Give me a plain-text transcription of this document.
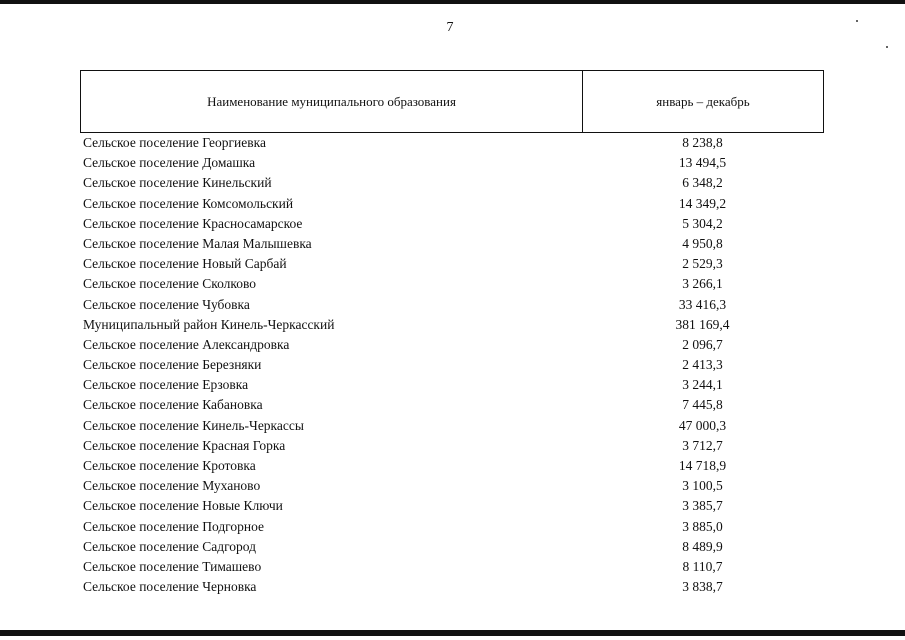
7
Наименование муниципального образования	январь – декабрь
Сельское поселение Георгиевка	8 238,8
Сельское поселение Домашка	13 494,5
Сельское поселение Кинельский	6 348,2
Сельское поселение Комсомольский	14 349,2
Сельское поселение Красносамарское	5 304,2
Сельское поселение Малая Малышевка	4 950,8
Сельское поселение Новый Сарбай	2 529,3
Сельское поселение Сколково	3 266,1
Сельское поселение Чубовка	33 416,3
Муниципальный район Кинель-Черкасский	381 169,4
Сельское поселение Александровка	2 096,7
Сельское поселение Березняки	2 413,3
Сельское поселение Ерзовка	3 244,1
Сельское поселение Кабановка	7 445,8
Сельское поселение Кинель-Черкассы	47 000,3
Сельское поселение Красная Горка	3 712,7
Сельское поселение Кротовка	14 718,9
Сельское поселение Муханово	3 100,5
Сельское поселение Новые Ключи	3 385,7
Сельское поселение Подгорное	3 885,0
Сельское поселение Садгород	8 489,9
Сельское поселение Тимашево	8 110,7
Сельское поселение Черновка	3 838,7
